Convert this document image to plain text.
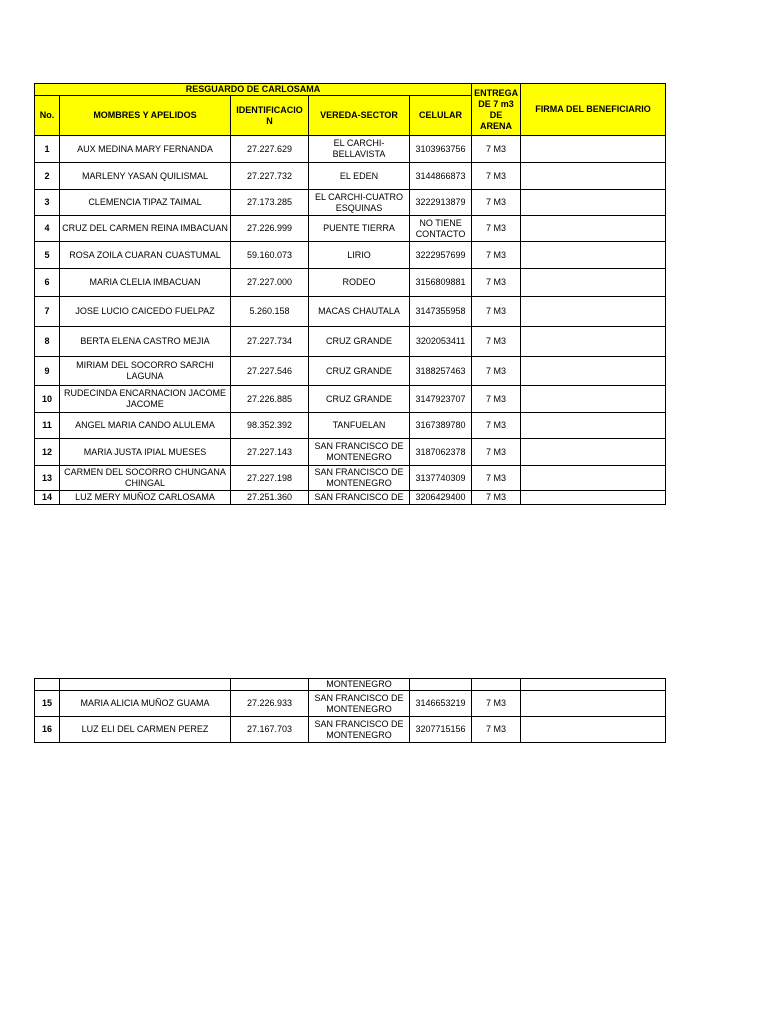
RESGUARDO DE CARLOSAMA					ENTREGA DE 7 m3 DE ARENA	FIRMA DEL BENEFICIARIO
No.	MOMBRES Y APELIDOS	IDENTIFICACIO N	VEREDA-SECTOR	CELULAR		
1	AUX MEDINA MARY FERNANDA	27.227.629	EL CARCHI- BELLAVISTA	3103963756	7 M3	
2	MARLENY YASAN QUILISMAL	27.227.732	EL EDEN	3144866873	7 M3	
3	CLEMENCIA TIPAZ TAIMAL	27.173.285	EL CARCHI-CUATRO ESQUINAS	3222913879	7 M3	
4	CRUZ DEL CARMEN REINA IMBACUAN	27.226.999	PUENTE TIERRA	NO TIENE CONTACTO	7 M3	
5	ROSA ZOILA CUARAN CUASTUMAL	59.160.073	LIRIO	3222957699	7 M3	
6	MARIA CLELIA IMBACUAN	27.227.000	RODEO	3156809881	7 M3	
7	JOSE LUCIO CAICEDO FUELPAZ	5.260.158	MACAS CHAUTALA	3147355958	7 M3	
8	BERTA ELENA CASTRO MEJIA	27.227.734	CRUZ GRANDE	3202053411	7 M3	
9	MIRIAM DEL SOCORRO SARCHI LAGUNA	27.227.546	CRUZ GRANDE	3188257463	7 M3	
10	RUDECINDA ENCARNACION JACOME JACOME	27.226.885	CRUZ GRANDE	3147923707	7 M3	
11	ANGEL MARIA CANDO ALULEMA	98.352.392	TANFUELAN	3167389780	7 M3	
12	MARIA JUSTA IPIAL MUESES	27.227.143	SAN FRANCISCO DE MONTENEGRO	3187062378	7 M3	
13	CARMEN DEL SOCORRO CHUNGANA CHINGAL	27.227.198	SAN FRANCISCO DE MONTENEGRO	3137740309	7 M3	
14	LUZ MERY MUÑOZ CARLOSAMA	27.251.360	SAN FRANCISCO DE	3206429400	7 M3	
			MONTENEGRO			
15	MARIA ALICIA MUÑOZ GUAMA	27.226.933	SAN FRANCISCO DE MONTENEGRO	3146653219	7 M3	
16	LUZ ELI DEL CARMEN PEREZ	27.167.703	SAN FRANCISCO DE MONTENEGRO	3207715156	7 M3	
